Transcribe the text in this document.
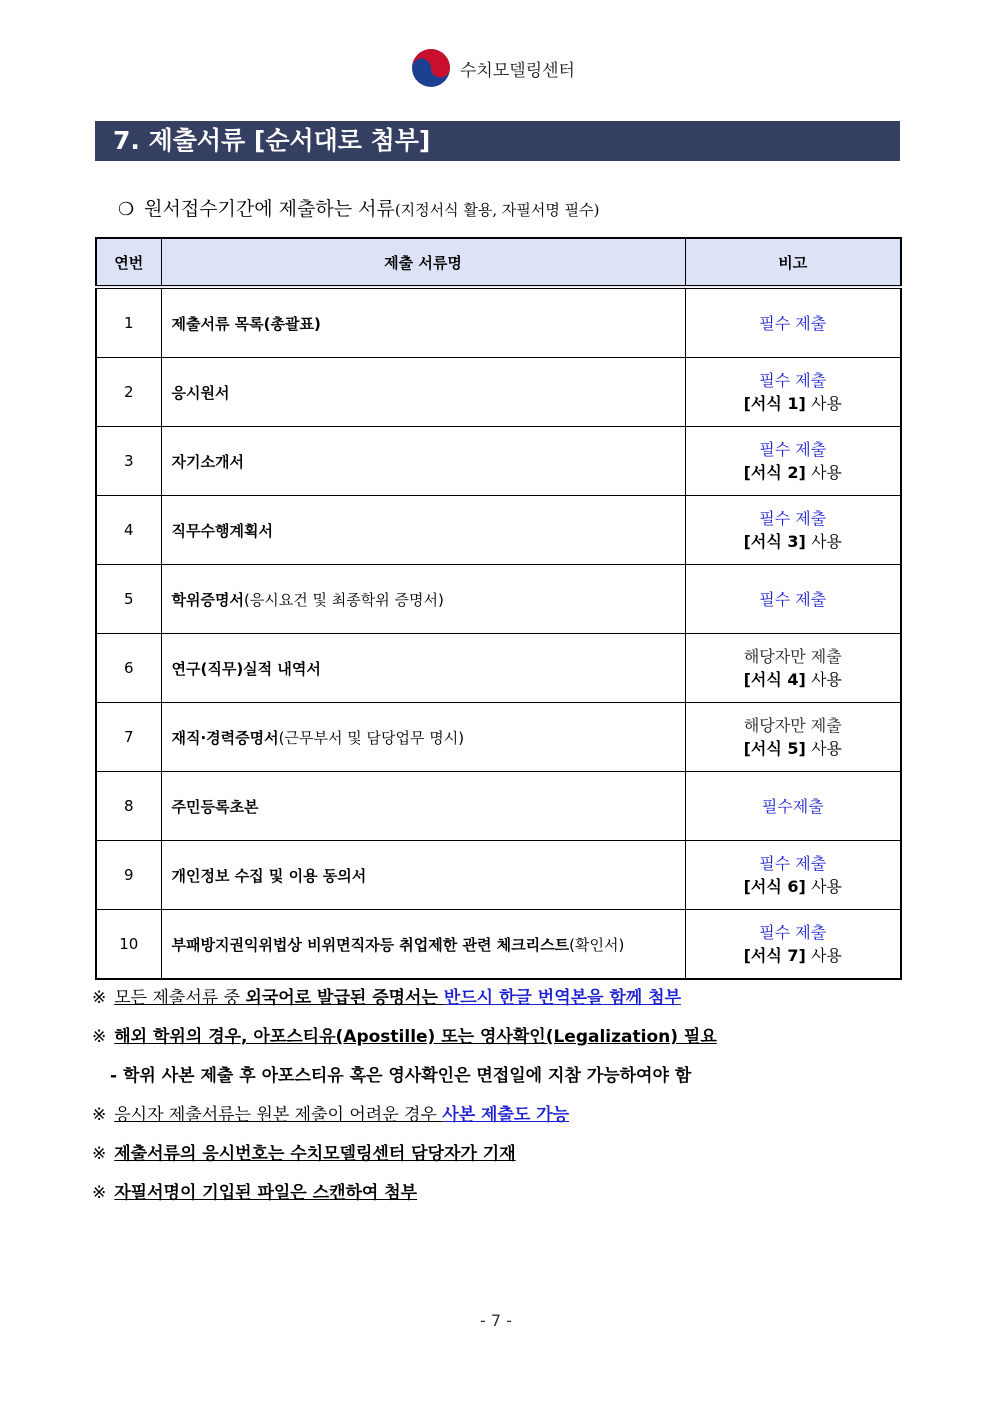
수치모델링센터
7. 제출서류 [순서대로 첨부]
❍ 원서접수기간에 제출하는 서류(지정서식 활용, 자필서명 필수)
연번	제출 서류명	비고
1	제출서류 목록(총괄표)	필수 제출

2	응시원서	필수 제출
[서식 1] 사용

3	자기소개서	필수 제출
[서식 2] 사용

4	직무수행계획서	필수 제출
[서식 3] 사용

5	학위증명서(응시요건 및 최종학위 증명서)	필수 제출

6	연구(직무)실적 내역서	해당자만 제출
[서식 4] 사용

7	재직·경력증명서(근무부서 및 담당업무 명시)	해당자만 제출
[서식 5] 사용

8	주민등록초본	필수제출

9	개인정보 수집 및 이용 동의서	필수 제출
[서식 6] 사용

10	부패방지권익위법상 비위면직자등 취업제한 관련 체크리스트(확인서)	필수 제출
[서식 7] 사용
※ 모든 제출서류 중 외국어로 발급된 증명서는 반드시 한글 번역본을 함께 첨부
※ 해외 학위의 경우, 아포스티유(Apostille) 또는 영사확인(Legalization) 필요
- 학위 사본 제출 후 아포스티유 혹은 영사확인은 면접일에 지참 가능하여야 함
※ 응시자 제출서류는 원본 제출이 어려운 경우 사본 제출도 가능
※ 제출서류의 응시번호는 수치모델링센터 담당자가 기재
※ 자필서명이 기입된 파일은 스캔하여 첨부
- 7 -
